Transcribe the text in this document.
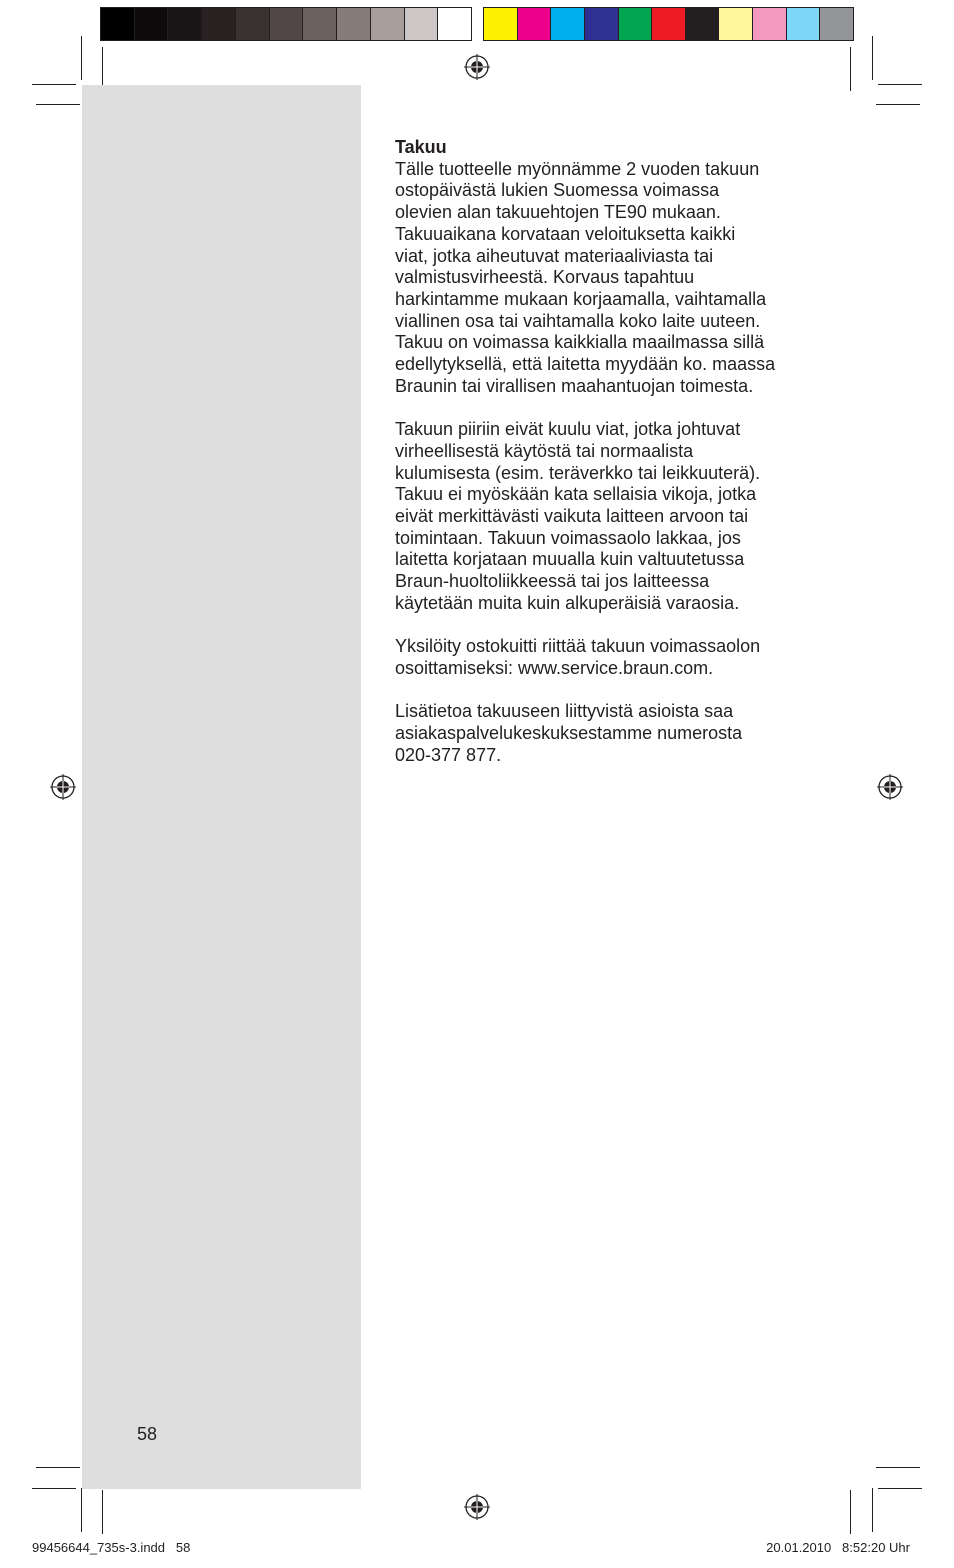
58
Takuu

Tälle tuotteelle myönnämme 2 vuoden takuun
ostopäivästä lukien Suomessa voimassa
olevien alan takuuehtojen TE90 mukaan.
Takuuaikana korvataan veloituksetta kaikki
viat, jotka aiheutuvat materiaaliviasta tai
valmistusvirheestä. Korvaus tapahtuu
harkintamme mukaan korjaamalla, vaihtamalla
viallinen osa tai vaihtamalla koko laite uuteen.
Takuu on voimassa kaikkialla maailmassa sillä
edellytyksellä, että laitetta myydään ko. maassa
Braunin tai virallisen maahantuojan toimesta.

Takuun piiriin eivät kuulu viat, jotka johtuvat
virheellisestä käytöstä tai normaalista
kulumisesta (esim. teräverkko tai leikkuuterä).
Takuu ei myöskään kata sellaisia vikoja, jotka
eivät merkittävästi vaikuta laitteen arvoon tai
toimintaan. Takuun voimassaolo lakkaa, jos
laitetta korjataan muualla kuin valtuutetussa
Braun-huoltoliikkeessä tai jos laitteessa
käytetään muita kuin alkuperäisiä varaosia.

Yksilöity ostokuitti riittää takuun voimassaolon
osoittamiseksi: www.service.braun.com.

Lisätietoa takuuseen liittyvistä asioista saa
asiakaspalvelukeskuksestamme numerosta
020-377 877.

99456644_735s-3.indd   58	20.01.2010   8:52:20 Uhr
